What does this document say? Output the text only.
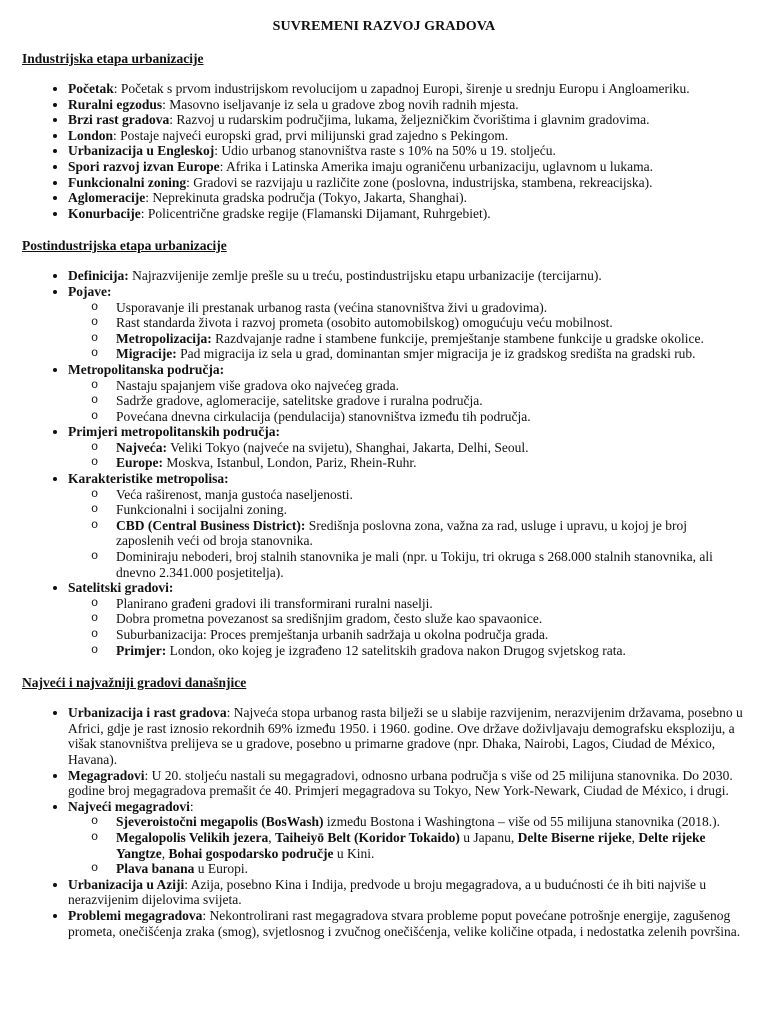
SUVREMENI RAZVOJ GRADOVA
Industrijska etapa urbanizacije
• Početak: Početak s prvom industrijskom revolucijom u zapadnoj Europi, širenje u srednju Europu i Angloameriku.
• Ruralni egzodus: Masovno iseljavanje iz sela u gradove zbog novih radnih mjesta.
• Brzi rast gradova: Razvoj u rudarskim područjima, lukama, željezničkim čvorištima i glavnim gradovima.
• London: Postaje najveći europski grad, prvi milijunski grad zajedno s Pekingom.
• Urbanizacija u Engleskoj: Udio urbanog stanovništva raste s 10% na 50% u 19. stoljeću.
• Spori razvoj izvan Europe: Afrika i Latinska Amerika imaju ograničenu urbanizaciju, uglavnom u lukama.
• Funkcionalni zoning: Gradovi se razvijaju u različite zone (poslovna, industrijska, stambena, rekreacijska).
• Aglomeracije: Neprekinuta gradska područja (Tokyo, Jakarta, Shanghai).
• Konurbacije: Policentrične gradske regije (Flamanski Dijamant, Ruhrgebiet).
Postindustrijska etapa urbanizacije
• Definicija: Najrazvijenije zemlje prešle su u treću, postindustrijsku etapu urbanizacije (tercijarnu).
• Pojave:
o Usporavanje ili prestanak urbanog rasta (većina stanovništva živi u gradovima).
o Rast standarda života i razvoj prometa (osobito automobilskog) omogućuju veću mobilnost.
o Metropolizacija: Razdvajanje radne i stambene funkcije, premještanje stambene funkcije u gradske okolice.
o Migracije: Pad migracija iz sela u grad, dominantan smjer migracija je iz gradskog središta na gradski rub.
• Metropolitanska područja:
o Nastaju spajanjem više gradova oko najvećeg grada.
o Sadrže gradove, aglomeracije, satelitske gradove i ruralna područja.
o Povećana dnevna cirkulacija (pendulacija) stanovništva između tih područja.
• Primjeri metropolitanskih područja:
o Najveća: Veliki Tokyo (najveće na svijetu), Shanghai, Jakarta, Delhi, Seoul.
o Europe: Moskva, Istanbul, London, Pariz, Rhein-Ruhr.
• Karakteristike metropolisa:
o Veća raširenost, manja gustoća naseljenosti.
o Funkcionalni i socijalni zoning.
o CBD (Central Business District): Središnja poslovna zona, važna za rad, usluge i upravu, u kojoj je broj zaposlenih veći od broja stanovnika.
o Dominiraju neboderi, broj stalnih stanovnika je mali (npr. u Tokiju, tri okruga s 268.000 stalnih stanovnika, ali dnevno 2.341.000 posjetitelja).
• Satelitski gradovi:
o Planirano građeni gradovi ili transformirani ruralni naselji.
o Dobra prometna povezanost sa središnjim gradom, često služe kao spavaonice.
o Suburbanizacija: Proces premještanja urbanih sadržaja u okolna područja grada.
o Primjer: London, oko kojeg je izgrađeno 12 satelitskih gradova nakon Drugog svjetskog rata.
Najveći i najvažniji gradovi današnjice
• Urbanizacija i rast gradova: Najveća stopa urbanog rasta bilježi se u slabije razvijenim, nerazvijenim državama, posebno u Africi, gdje je rast iznosio rekordnih 69% između 1950. i 1960. godine. Ove države doživljavaju demografsku eksploziju, a višak stanovništva prelijeva se u gradove, posebno u primarne gradove (npr. Dhaka, Nairobi, Lagos, Ciudad de México, Havana).
• Megagradovi: U 20. stoljeću nastali su megagradovi, odnosno urbana područja s više od 25 milijuna stanovnika. Do 2030. godine broj megagradova premašit će 40. Primjeri megagradova su Tokyo, New York-Newark, Ciudad de México, i drugi.
• Najveći megagradovi:
o Sjeveroistočni megapolis (BosWash) između Bostona i Washingtona – više od 55 milijuna stanovnika (2018.).
o Megalopolis Velikih jezera, Taiheiyō Belt (Koridor Tokaido) u Japanu, Delte Biserne rijeke, Delte rijeke Yangtze, Bohai gospodarsko područje u Kini.
o Plava banana u Europi.
• Urbanizacija u Aziji: Azija, posebno Kina i Indija, predvode u broju megagradova, a u budućnosti će ih biti najviše u nerazvijenim dijelovima svijeta.
• Problemi megagradova: Nekontrolirani rast megagradova stvara probleme poput povećane potrošnje energije, zagušenog prometa, onečišćenja zraka (smog), svjetlosnog i zvučnog onečišćenja, velike količine otpada, i nedostatka zelenih površina.
